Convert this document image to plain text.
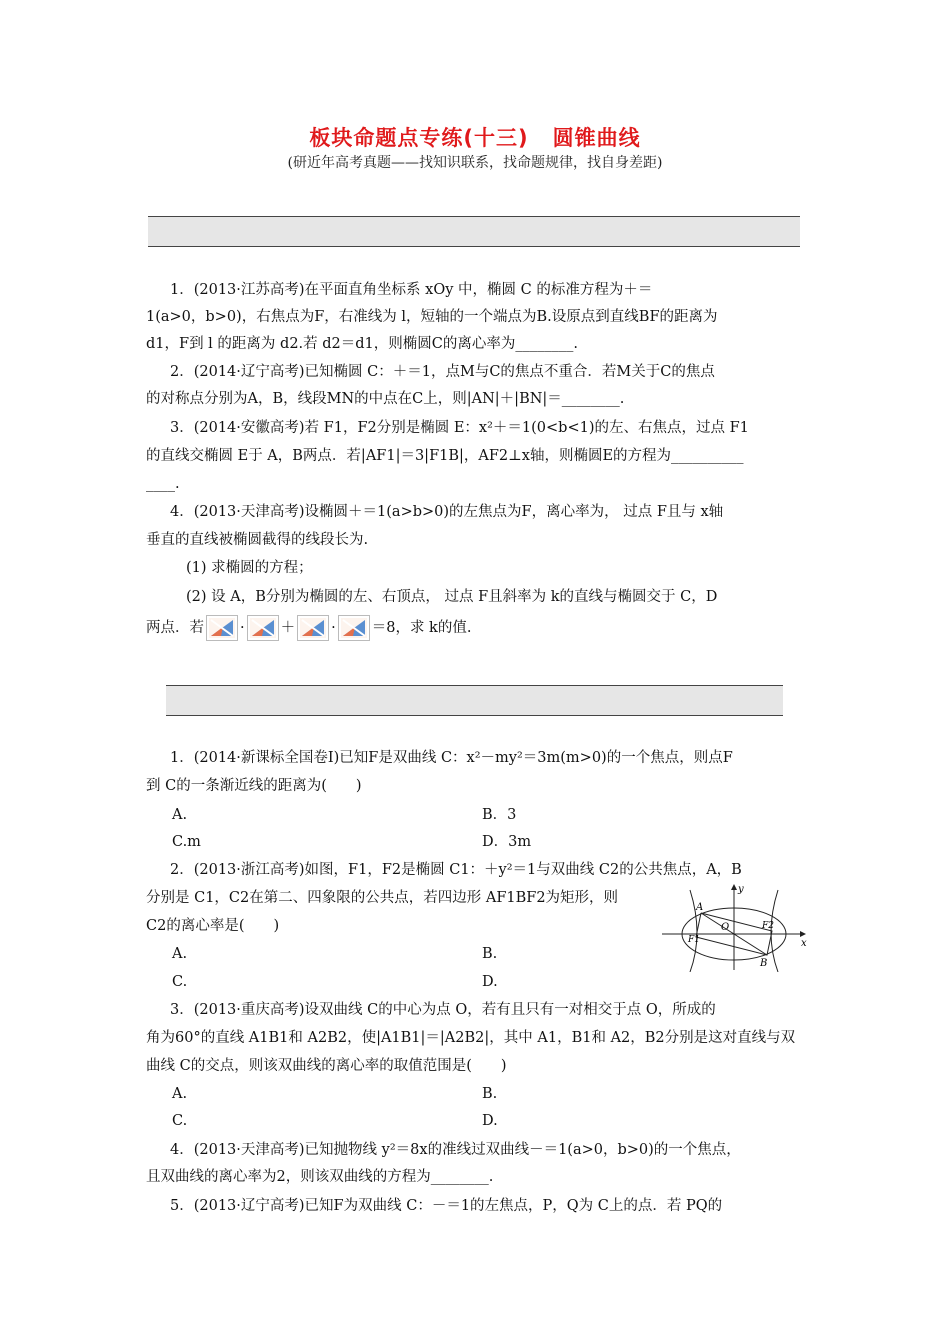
板块命题点专练(十三) 圆锥曲线
(研近年高考真题——找知识联系，找命题规律，找自身差距)
1．(2013·江苏高考)在平面直角坐标系 xOy 中，椭圆 C 的标准方程为＋＝
1(a>0，b>0)，右焦点为F，右准线为 l，短轴的一个端点为B.设原点到直线BF的距离为
d1，F到 l 的距离为 d2.若 d2＝d1，则椭圆C的离心率为________.
2．(2014·辽宁高考)已知椭圆 C：＋＝1，点M与C的焦点不重合．若M关于C的焦点
的对称点分别为A，B，线段MN的中点在C上，则|AN|＋|BN|＝________.
3．(2014·安徽高考)若 F1，F2分别是椭圆 E：x²＋＝1(0<b<1)的左、右焦点，过点 F1
的直线交椭圆 E于 A，B两点．若|AF1|＝3|F1B|，AF2⊥x轴，则椭圆E的方程为__________
____.
4．(2013·天津高考)设椭圆＋＝1(a>b>0)的左焦点为F，离心率为， 过点 F且与 x轴
垂直的直线被椭圆截得的线段长为.
(1) 求椭圆的方程；
(2) 设 A，B分别为椭圆的左、右顶点， 过点 F且斜率为 k的直线与椭圆交于 C，D
两点．若 · ＋ · ＝8，求 k的值.
1．(2014·新课标全国卷Ⅰ)已知F是双曲线 C：x²－my²＝3m(m>0)的一个焦点，则点F
到 C的一条渐近线的距离为(　　)
A.	B．3
C.m	D．3m
2．(2013·浙江高考)如图，F1，F2是椭圆 C1：＋y²＝1与双曲线 C2的公共焦点，A，B
分别是 C1，C2在第二、四象限的公共点，若四边形 AF1BF2为矩形，则
C2的离心率是(　　)
A.	B.
C.	D.
y
A
O
F1
F2
B
x
3．(2013·重庆高考)设双曲线 C的中心为点 O，若有且只有一对相交于点 O，所成的
角为60°的直线 A1B1和 A2B2，使|A1B1|＝|A2B2|，其中 A1，B1和 A2，B2分别是这对直线与双
曲线 C的交点，则该双曲线的离心率的取值范围是(　　)
A.	B.
C.	D.
4．(2013·天津高考)已知抛物线 y²＝8x的准线过双曲线－＝1(a>0，b>0)的一个焦点，
且双曲线的离心率为2，则该双曲线的方程为________.
5．(2013·辽宁高考)已知F为双曲线 C：－＝1的左焦点，P，Q为 C上的点．若 PQ的
